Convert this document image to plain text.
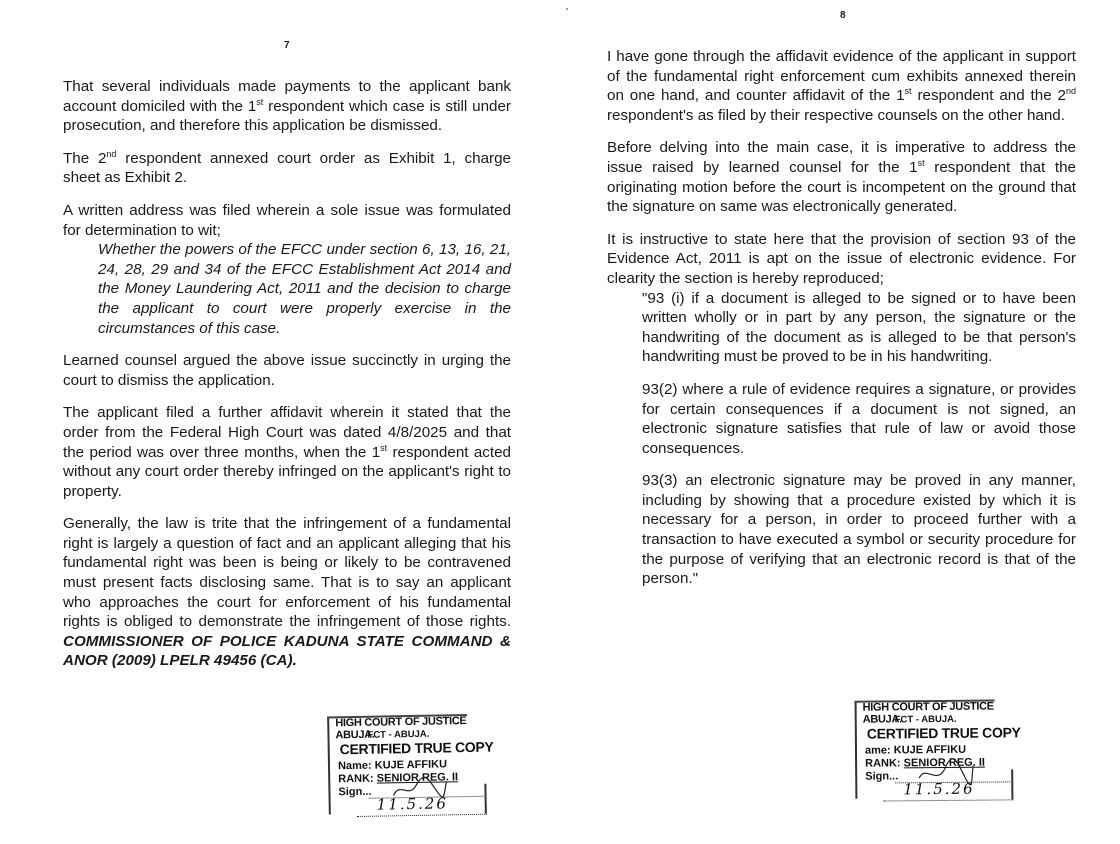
7

That several individuals made payments to the applicant bank account domiciled with the 1st respondent which case is still under prosecution, and therefore this application be dismissed.

The 2nd respondent annexed court order as Exhibit 1, charge sheet as Exhibit 2.

A written address was filed wherein a sole issue was formulated for determination to wit;

Whether the powers of the EFCC under section 6, 13, 16, 21, 24, 28, 29 and 34 of the EFCC Establishment Act 2014 and the Money Laundering Act, 2011 and the decision to charge the applicant to court were properly exercise in the circumstances of this case.

Learned counsel argued the above issue succinctly in urging the court to dismiss the application.

The applicant filed a further affidavit wherein it stated that the order from the Federal High Court was dated 4/8/2025 and that the period was over three months, when the 1st respondent acted without any court order thereby infringed on the applicant's right to property.

Generally, the law is trite that the infringement of a fundamental right is largely a question of fact and an applicant alleging that his fundamental right was been is being or likely to be contravened must present facts disclosing same. That is to say an applicant who approaches the court for enforcement of his fundamental rights is obliged to demonstrate the infringement of those rights. COMMISSIONER OF POLICE KADUNA STATE COMMAND & ANOR (2009) LPELR 49456 (CA).

HIGH COURT OF JUSTICE ABUJA.
FCT - ABUJA.
CERTIFIED TRUE COPY
Name: KUJE AFFIKU
RANK: SENIOR REG. II
Sign...
11.5.26
8

I have gone through the affidavit evidence of the applicant in support of the fundamental right enforcement cum exhibits annexed therein on one hand, and counter affidavit of the 1st respondent and the 2nd respondent's as filed by their respective counsels on the other hand.

Before delving into the main case, it is imperative to address the issue raised by learned counsel for the 1st respondent that the originating motion before the court is incompetent on the ground that the signature on same was electronically generated.

It is instructive to state here that the provision of section 93 of the Evidence Act, 2011 is apt on the issue of electronic evidence. For clearity the section is hereby reproduced;

"93 (i) if a document is alleged to be signed or to have been written wholly or in part by any person, the signature or the handwriting of the document as is alleged to be that person's handwriting must be proved to be in his handwriting.

93(2) where a rule of evidence requires a signature, or provides for certain consequences if a document is not signed, an electronic signature satisfies that rule of law or avoid those consequences.

93(3) an electronic signature may be proved in any manner, including by showing that a procedure existed by which it is necessary for a person, in order to proceed further with a transaction to have executed a symbol or security procedure for the purpose of verifying that an electronic record is that of the person."

HIGH COURT OF JUSTICE ABUJA.
FCT - ABUJA.
CERTIFIED TRUE COPY
ame: KUJE AFFIKU
RANK: SENIOR REG. II
Sign...
11.5.26
